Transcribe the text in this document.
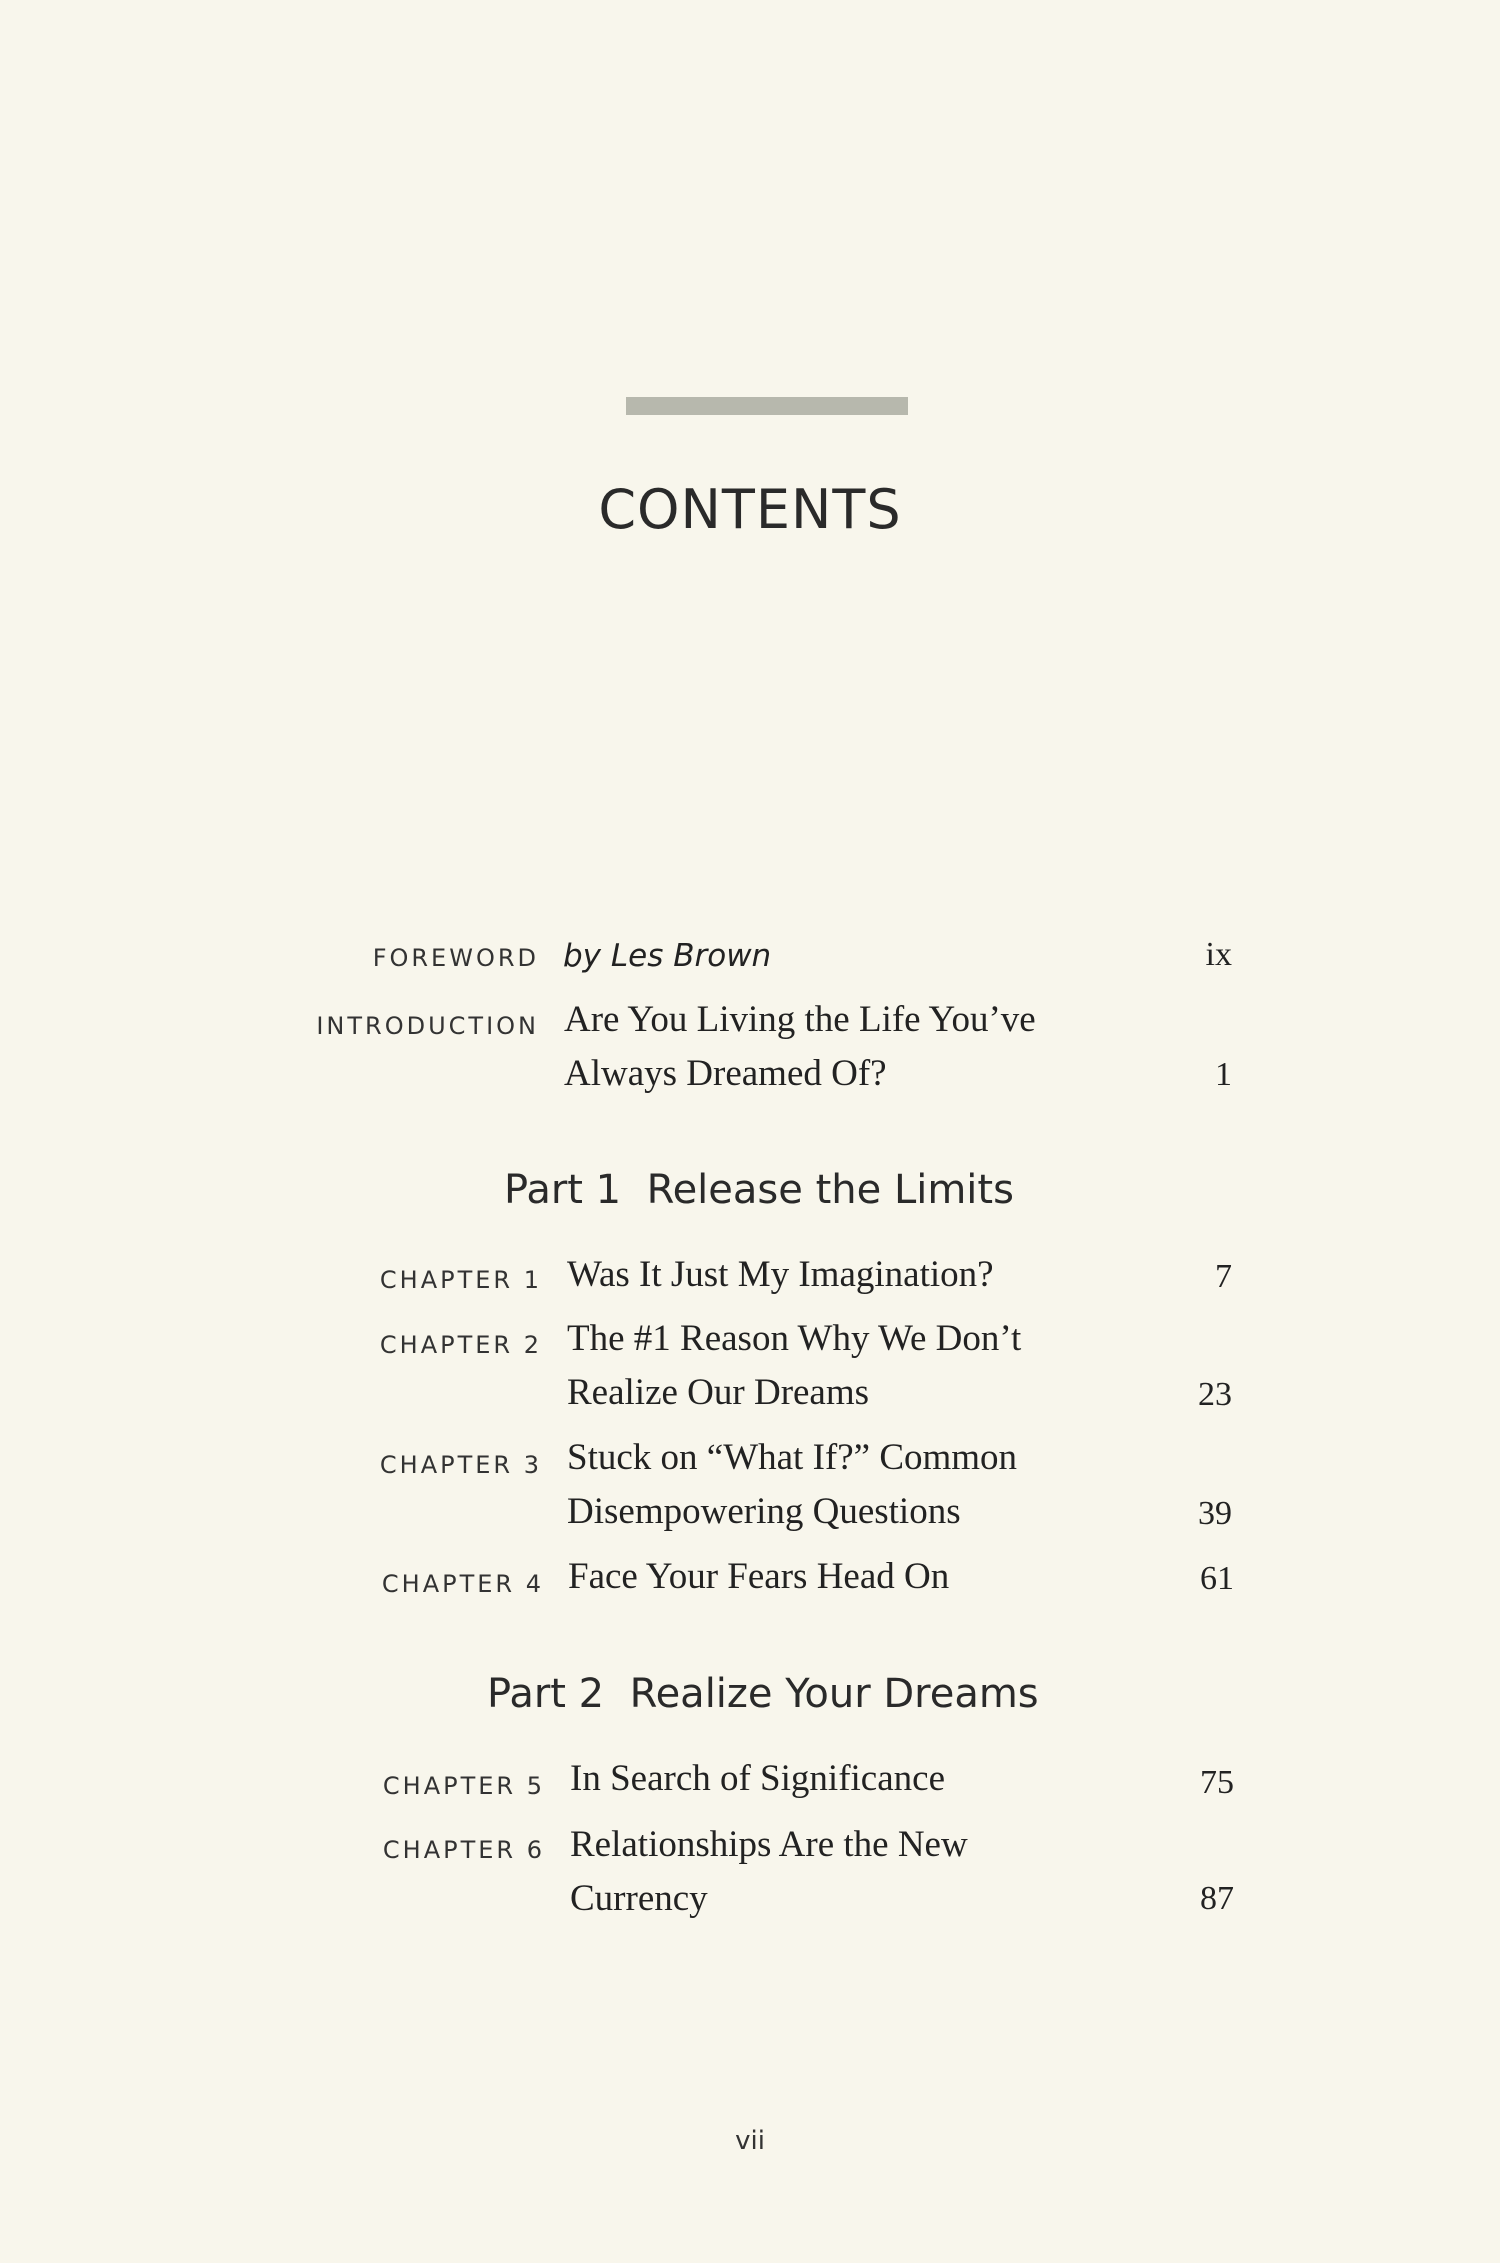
CONTENTS
FOREWORD by Les Brown	ix
INTRODUCTION Are You Living the Life You’ve
Always Dreamed Of?	1
Part 1 Release the Limits
CHAPTER 1 Was It Just My Imagination?	7
CHAPTER 2 The #1 Reason Why We Don’t
Realize Our Dreams	23
CHAPTER 3 Stuck on “What If?” Common
Disempowering Questions	39
CHAPTER 4 Face Your Fears Head On	61
Part 2 Realize Your Dreams
CHAPTER 5 In Search of Significance	75
CHAPTER 6 Relationships Are the New
Currency	87
vii
